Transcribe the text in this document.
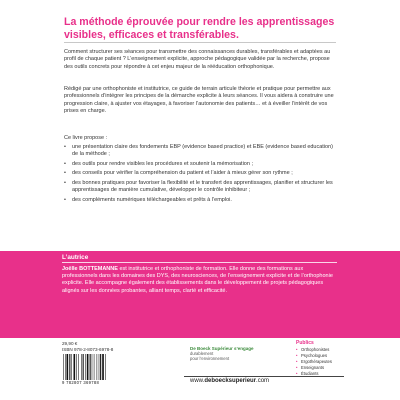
La méthode éprouvée pour rendre les apprentissages visibles, efficaces et transférables.

Comment structurer ses séances pour transmettre des connaissances durables, transférables et adaptées au profil de chaque patient ? L’enseignement explicite, approche pédagogique validée par la recherche, propose des outils concrets pour répondre à cet enjeu majeur de la rééducation orthophonique.

Rédigé par une orthophoniste et institutrice, ce guide de terrain articule théorie et pratique pour permettre aux professionnels d’intégrer les principes de la démarche explicite à leurs séances. Il vous aidera à construire une progression claire, à ajuster vos étayages, à favoriser l’autonomie des patients… et à éveiller l’intérêt de vos prises en charge.

Ce livre propose :

•	une présentation claire des fondements EBP (evidence based practice) et EBE (evidence based education) de la méthode ;
•	des outils pour rendre visibles les procédures et soutenir la mémorisation ;
•	des conseils pour vérifier la compréhension du patient et l’aider à mieux gérer son rythme ;
•	des bonnes pratiques pour favoriser la flexibilité et le transfert des apprentissages, planifier et structurer les apprentissages de manière cumulative, développer le contrôle inhibiteur ;
•	des compléments numériques téléchargeables et prêts à l’emploi.
L’autrice

Joëlle BOTTEMANNE est institutrice et orthophoniste de formation. Elle donne des formations aux professionnels dans les domaines des DYS, des neurosciences, de l’enseignement explicite et de l’orthophonie explicite. Elle accompagne également des établissements dans le développement de projets pédagogiques alignés sur les données probantes, alliant temps, clarté et efficacité.

29,90 €
ISBN 978-2-8073-6978-8
9 782807 369788
De Boeck Supérieur s’engage
durablement
pour l’environnement
www.deboecksuperieur.com
Publics
• Orthophonistes
• Psychologues
• Ergothérapeutes
• Enseignants
• Étudiants
